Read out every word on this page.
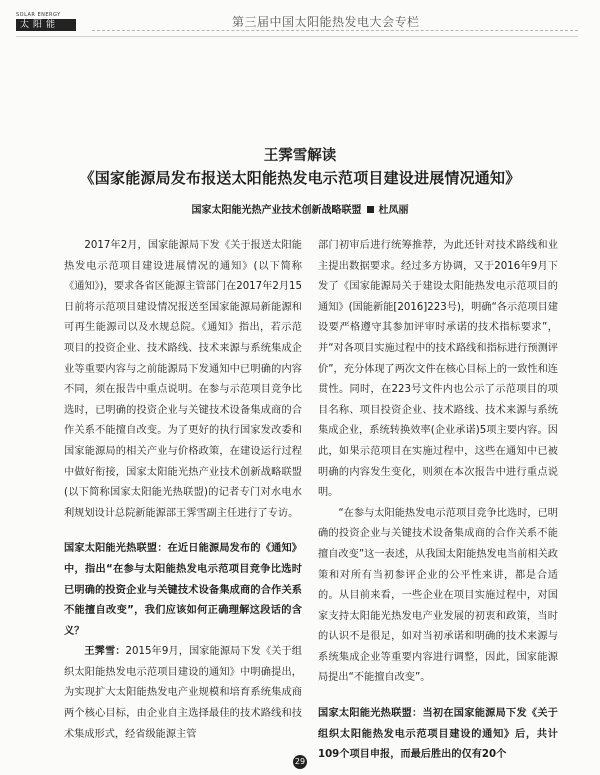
SOLAR ENERGY
太阳能	第三届中国太阳能热发电大会专栏
王霁雪解读
《国家能源局发布报送太阳能热发电示范项目建设进展情况通知》
国家太阳能光热产业技术创新战略联盟 杜凤丽

2017年2月，国家能源局下发《关于报送太阳能热发电示范项目建设进展情况的通知》(以下简称《通知》)，要求各省区能源主管部门在2017年2月15日前将示范项目建设情况报送至国家能源局新能源和可再生能源司以及水规总院。《通知》指出，若示范项目的投资企业、技术路线、技术来源与系统集成企业等重要内容与之前能源局下发通知中已明确的内容不同，须在报告中重点说明。在参与示范项目竞争比选时，已明确的投资企业与关键技术设备集成商的合作关系不能擅自改变。为了更好的执行国家发改委和国家能源局的相关产业与价格政策，在建设运行过程中做好衔接，国家太阳能光热产业技术创新战略联盟(以下简称国家太阳能光热联盟)的记者专门对水电水利规划设计总院新能源部王霁雪副主任进行了专访。

国家太阳能光热联盟：在近日能源局发布的《通知》中，指出“在参与太阳能热发电示范项目竞争比选时已明确的投资企业与关键技术设备集成商的合作关系不能擅自改变”，我们应该如何正确理解这段话的含义？

王霁雪：2015年9月，国家能源局下发《关于组织太阳能热发电示范项目建设的通知》中明确提出，为实现扩大太阳能热发电产业规模和培育系统集成商两个核心目标，由企业自主选择最佳的技术路线和技术集成形式，经省级能源主管

部门初审后进行统筹推荐，为此还针对技术路线和业主提出数据要求。经过多方协调，又于2016年9月下发了《国家能源局关于建设太阳能热发电示范项目的通知》(国能新能[2016]223号)，明确“各示范项目建设要严格遵守其参加评审时承诺的技术指标要求”，并“对各项目实施过程中的技术路线和指标进行预测评价”，充分体现了两次文件在核心目标上的一致性和连贯性。同时，在223号文件内也公示了示范项目的项目名称、项目投资企业、技术路线、技术来源与系统集成企业，系统转换效率(企业承诺)5项主要内容。因此，如果示范项目在实施过程中，这些在通知中已被明确的内容发生变化，则须在本次报告中进行重点说明。

“在参与太阳能热发电示范项目竞争比选时，已明确的投资企业与关键技术设备集成商的合作关系不能擅自改变”这一表述，从我国太阳能热发电当前相关政策和对所有当初参评企业的公平性来讲，都是合适的。从目前来看，一些企业在项目实施过程中，对国家支持太阳能光热发电产业发展的初衷和政策，当时的认识不是很足，如对当初承诺和明确的技术来源与系统集成企业等重要内容进行调整，因此，国家能源局提出“不能擅自改变”。

国家太阳能光热联盟：当初在国家能源局下发《关于组织太阳能热发电示范项目建设的通知》后，共计109个项目申报，而最后胜出的仅有20个

29
